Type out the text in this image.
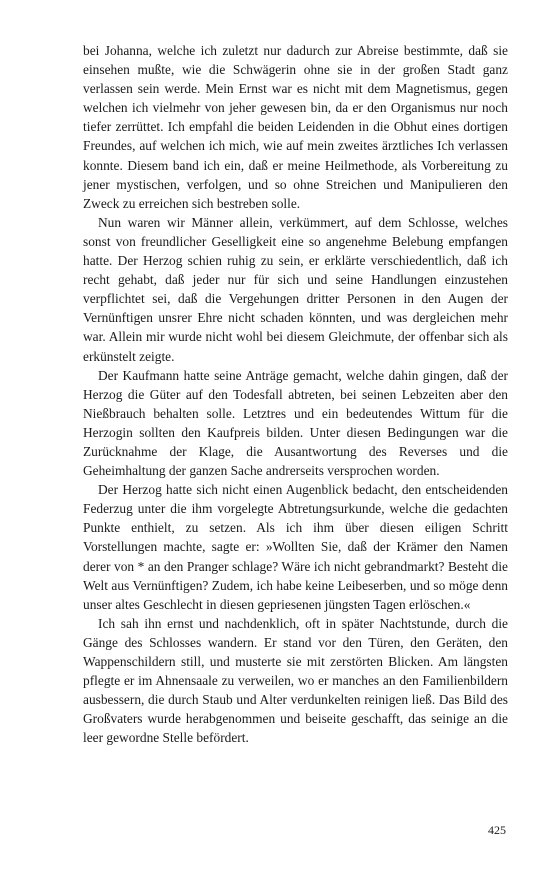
bei Johanna, welche ich zuletzt nur dadurch zur Abreise bestimmte, daß sie einsehen mußte, wie die Schwägerin ohne sie in der großen Stadt ganz verlassen sein werde. Mein Ernst war es nicht mit dem Magnetismus, gegen welchen ich vielmehr von jeher gewesen bin, da er den Organismus nur noch tiefer zerrüttet. Ich empfahl die beiden Leidenden in die Obhut eines dortigen Freundes, auf welchen ich mich, wie auf mein zweites ärztliches Ich verlassen konnte. Diesem band ich ein, daß er meine Heilmethode, als Vorbereitung zu jener mystischen, verfolgen, und so ohne Streichen und Manipulieren den Zweck zu erreichen sich bestreben solle.

Nun waren wir Männer allein, verkümmert, auf dem Schlosse, welches sonst von freundlicher Geselligkeit eine so angenehme Belebung empfangen hatte. Der Herzog schien ruhig zu sein, er erklärte verschiedentlich, daß ich recht gehabt, daß jeder nur für sich und seine Handlungen einzustehen verpflichtet sei, daß die Vergehungen dritter Personen in den Augen der Vernünftigen unsrer Ehre nicht schaden könnten, und was dergleichen mehr war. Allein mir wurde nicht wohl bei diesem Gleichmute, der offenbar sich als erkünstelt zeigte.

Der Kaufmann hatte seine Anträge gemacht, welche dahin gingen, daß der Herzog die Güter auf den Todesfall abtreten, bei seinen Lebzeiten aber den Nießbrauch behalten solle. Letztres und ein bedeutendes Wittum für die Herzogin sollten den Kaufpreis bilden. Unter diesen Bedingungen war die Zurücknahme der Klage, die Ausantwortung des Reverses und die Geheimhaltung der ganzen Sache andrerseits versprochen worden.

Der Herzog hatte sich nicht einen Augenblick bedacht, den entscheidenden Federzug unter die ihm vorgelegte Abtretungsurkunde, welche die gedachten Punkte enthielt, zu setzen. Als ich ihm über diesen eiligen Schritt Vorstellungen machte, sagte er: »Wollten Sie, daß der Krämer den Namen derer von * an den Pranger schlage? Wäre ich nicht gebrandmarkt? Besteht die Welt aus Vernünftigen? Zudem, ich habe keine Leibeserben, und so möge denn unser altes Geschlecht in diesen gepriesenen jüngsten Tagen erlöschen.«

Ich sah ihn ernst und nachdenklich, oft in später Nachtstunde, durch die Gänge des Schlosses wandern. Er stand vor den Türen, den Geräten, den Wappenschildern still, und musterte sie mit zerstörten Blicken. Am längsten pflegte er im Ahnensaale zu verweilen, wo er manches an den Familienbildern ausbessern, die durch Staub und Alter verdunkelten reinigen ließ. Das Bild des Großvaters wurde herabgenommen und beiseite geschafft, das seinige an die leer gewordne Stelle befördert.

425
